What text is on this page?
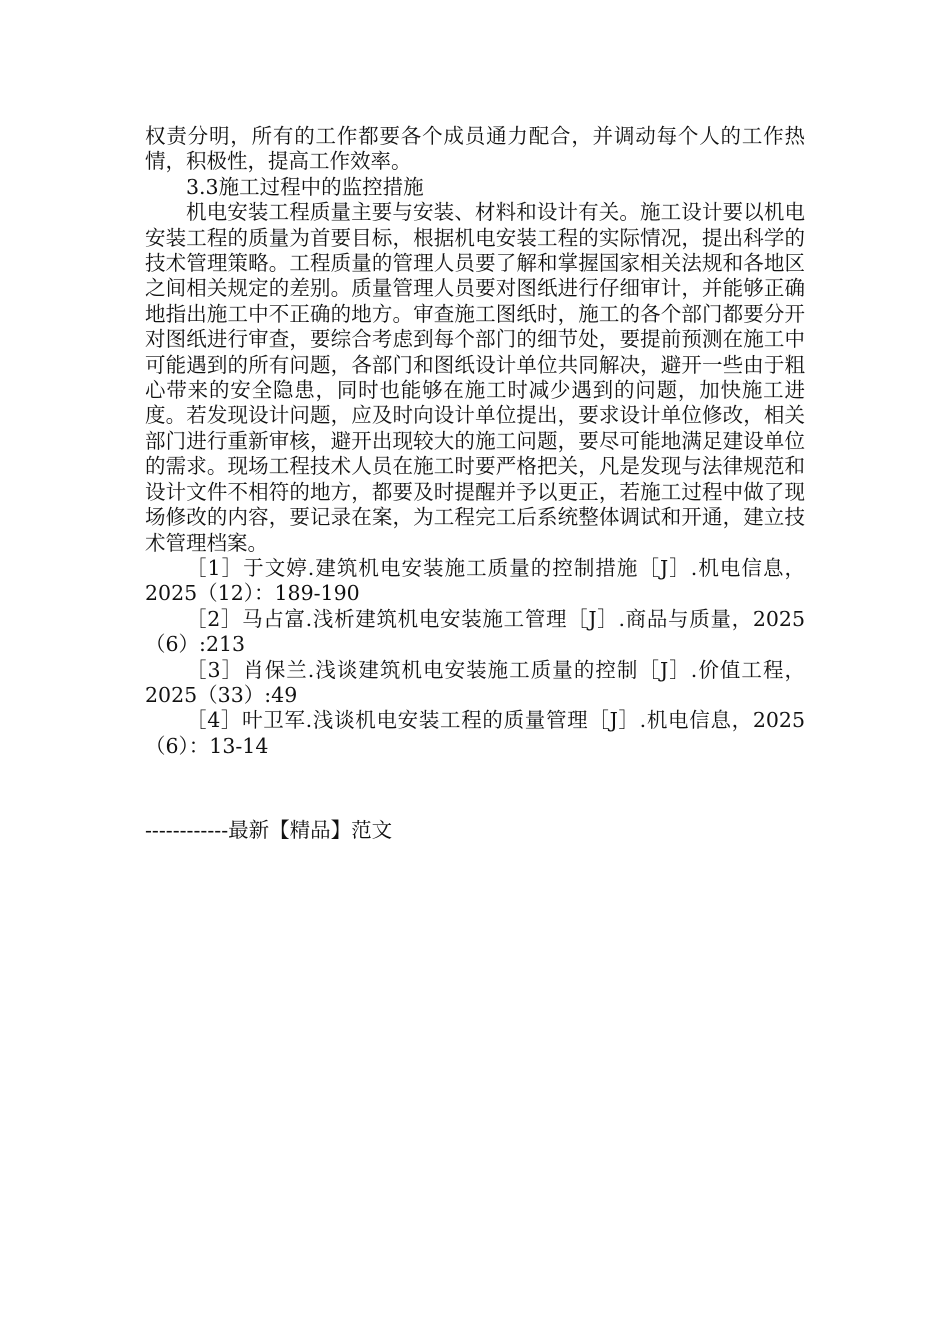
权责分明，所有的工作都要各个成员通力配合，并调动每个人的工作热情，积极性，提高工作效率。

3.3施工过程中的监控措施

机电安装工程质量主要与安装、材料和设计有关。施工设计要以机电安装工程的质量为首要目标，根据机电安装工程的实际情况，提出科学的技术管理策略。工程质量的管理人员要了解和掌握国家相关法规和各地区之间相关规定的差别。质量管理人员要对图纸进行仔细审计，并能够正确地指出施工中不正确的地方。审查施工图纸时，施工的各个部门都要分开对图纸进行审查，要综合考虑到每个部门的细节处，要提前预测在施工中可能遇到的所有问题，各部门和图纸设计单位共同解决，避开一些由于粗心带来的安全隐患，同时也能够在施工时减少遇到的问题，加快施工进度。若发现设计问题，应及时向设计单位提出，要求设计单位修改，相关部门进行重新审核，避开出现较大的施工问题，要尽可能地满足建设单位的需求。现场工程技术人员在施工时要严格把关，凡是发现与法律规范和设计文件不相符的地方，都要及时提醒并予以更正，若施工过程中做了现场修改的内容，要记录在案，为工程完工后系统整体调试和开通，建立技术管理档案。

［1］于文婷.建筑机电安装施工质量的控制措施［J］.机电信息，2025（12）：189-190

［2］马占富.浅析建筑机电安装施工管理［J］.商品与质量，2025（6）:213

［3］肖保兰.浅谈建筑机电安装施工质量的控制［J］.价值工程，2025（33）:49

［4］叶卫军.浅谈机电安装工程的质量管理［J］.机电信息，2025（6）：13-14

------------最新【精品】范文
